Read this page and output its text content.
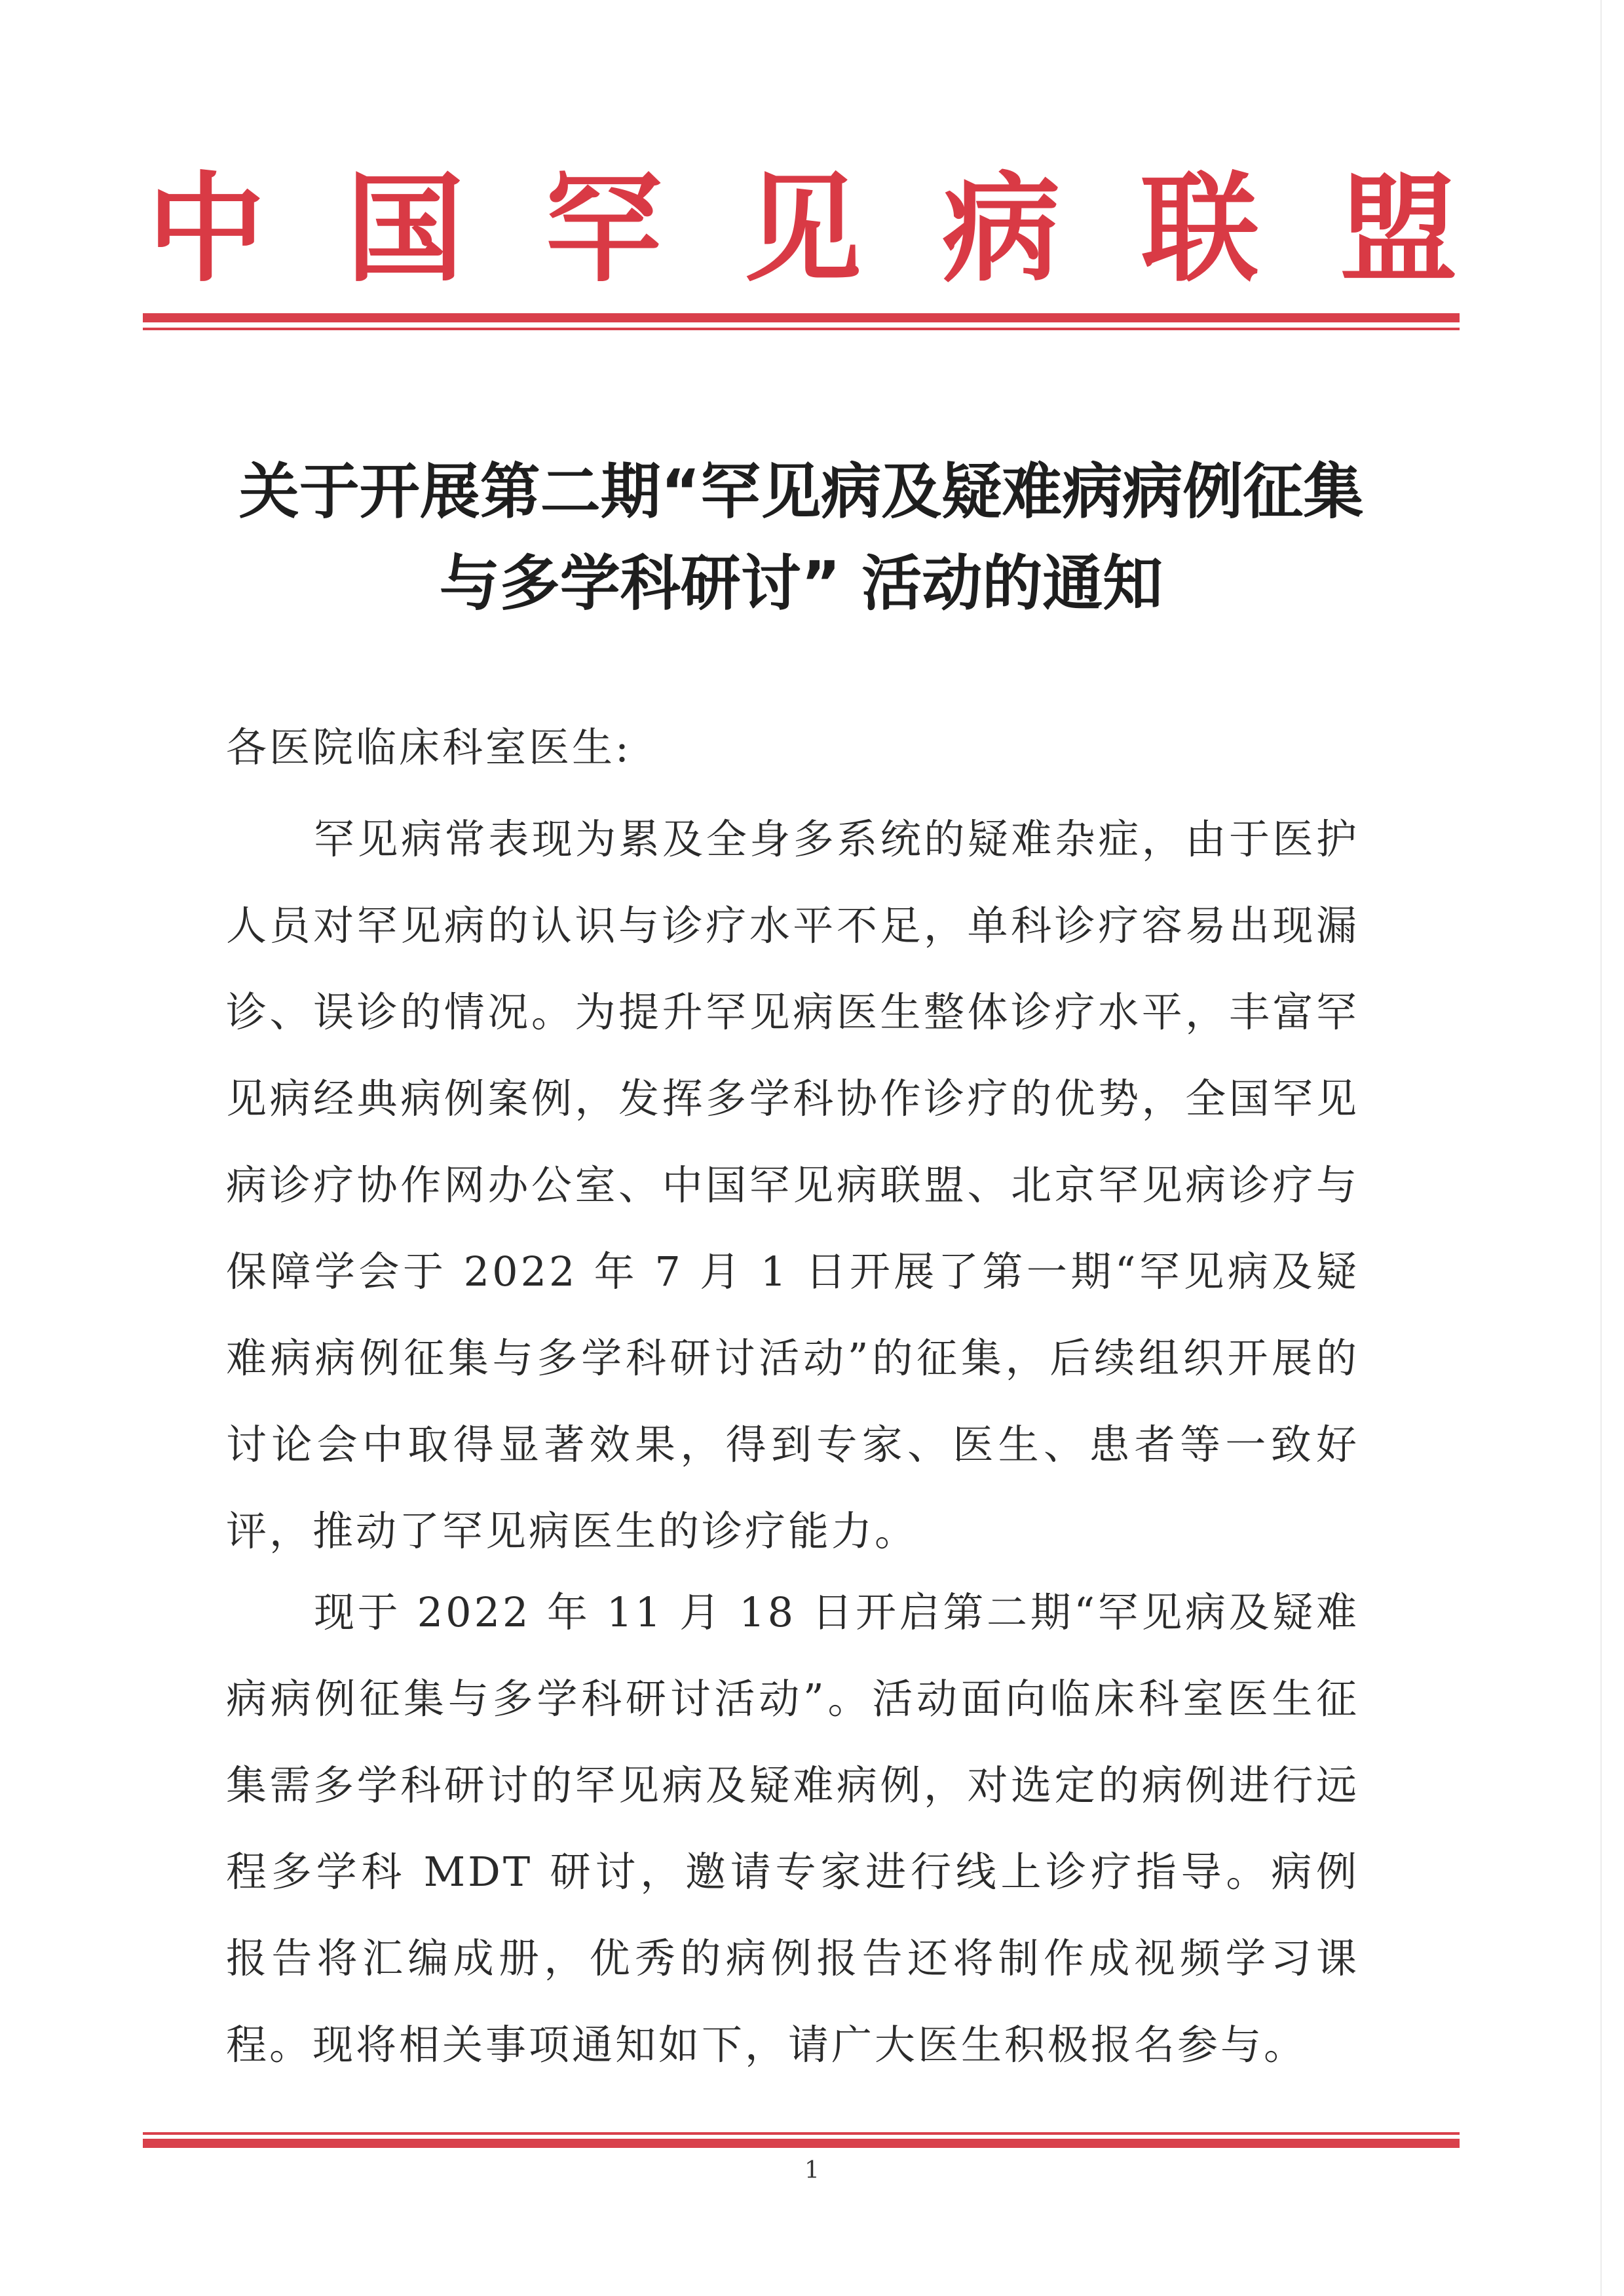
中 国 罕 见 病 联 盟
关于开展第二期“罕见病及疑难病病例征集
与多学科研讨” 活动的通知
各医院临床科室医生:
罕见病常表现为累及全身多系统的疑难杂症，由于医护人员对罕见病的认识与诊疗水平不足，单科诊疗容易出现漏诊、误诊的情况。为提升罕见病医生整体诊疗水平，丰富罕见病经典病例案例，发挥多学科协作诊疗的优势，全国罕见病诊疗协作网办公室、中国罕见病联盟、北京罕见病诊疗与保障学会于 2022 年 7 月 1 日开展了第一期“罕见病及疑难病病例征集与多学科研讨活动”的征集，后续组织开展的讨论会中取得显著效果，得到专家、医生、患者等一致好评，推动了罕见病医生的诊疗能力。
现于 2022 年 11 月 18 日开启第二期“罕见病及疑难病病例征集与多学科研讨活动”。活动面向临床科室医生征集需多学科研讨的罕见病及疑难病例，对选定的病例进行远程多学科 MDT 研讨，邀请专家进行线上诊疗指导。病例报告将汇编成册，优秀的病例报告还将制作成视频学习课程。现将相关事项通知如下，请广大医生积极报名参与。
1
